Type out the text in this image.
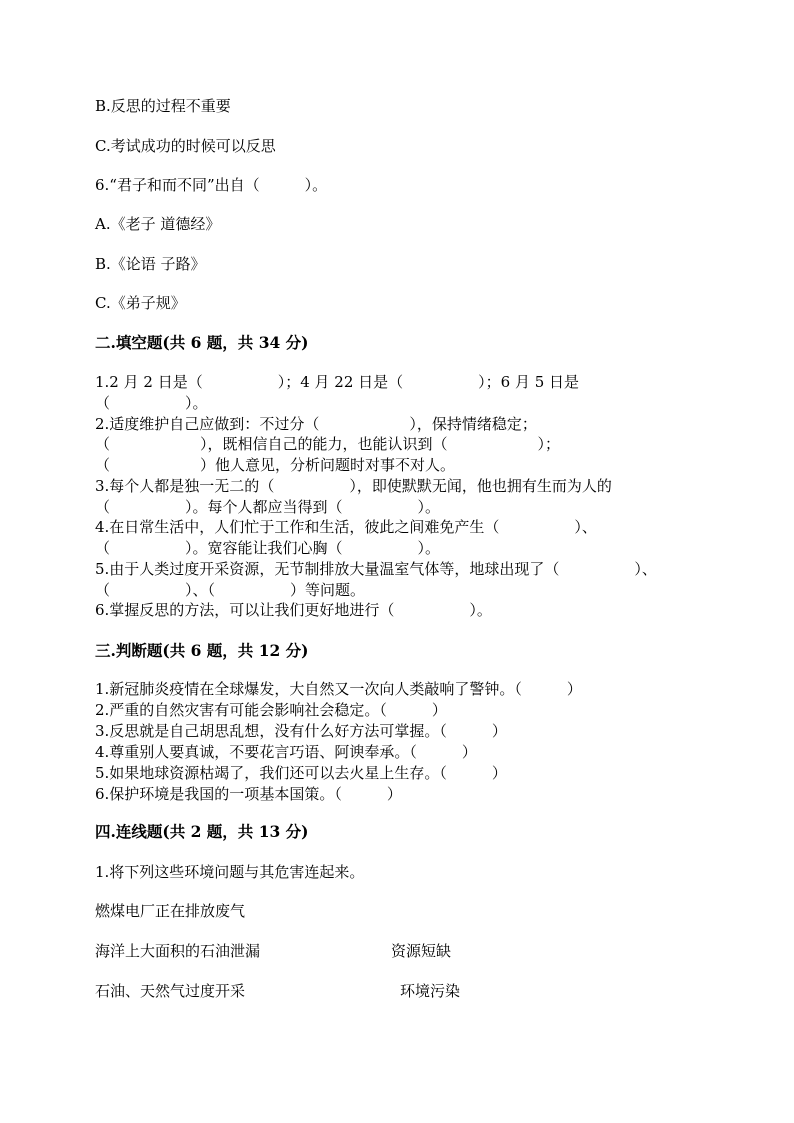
B.反思的过程不重要
C.考试成功的时候可以反思
6.“君子和而不同”出自（　　　）。
A.《老子 道德经》
B.《论语 子路》
C.《弟子规》
二.填空题(共 6 题，共 34 分)
1.2 月 2 日是（　　　　　）；4 月 22 日是（　　　　　）；6 月 5 日是
（　　　　　）。
2.适度维护自己应做到：不过分（　　　　　　），保持情绪稳定；
（　　　　　　），既相信自己的能力，也能认识到（　　　　　　）；
（　　　　　　）他人意见，分析问题时对事不对人。
3.每个人都是独一无二的（　　　　　），即使默默无闻，他也拥有生而为人的
（　　　　　）。每个人都应当得到（　　　　　）。
4.在日常生活中，人们忙于工作和生活，彼此之间难免产生（　　　　　）、
（　　　　　）。宽容能让我们心胸（　　　　　）。
5.由于人类过度开采资源，无节制排放大量温室气体等，地球出现了（　　　　　）、
（　　　　　）、（　　　　　）等问题。
6.掌握反思的方法，可以让我们更好地进行（　　　　　）。
三.判断题(共 6 题，共 12 分)
1.新冠肺炎疫情在全球爆发，大自然又一次向人类敲响了警钟。（　　　）
2.严重的自然灾害有可能会影响社会稳定。（　　　）
3.反思就是自己胡思乱想，没有什么好方法可掌握。（　　　）
4.尊重别人要真诚，不要花言巧语、阿谀奉承。（　　　）
5.如果地球资源枯竭了，我们还可以去火星上生存。（　　　）
6.保护环境是我国的一项基本国策。（　　　）
四.连线题(共 2 题，共 13 分)
1.将下列这些环境问题与其危害连起来。
燃煤电厂正在排放废气
海洋上大面积的石油泄漏	资源短缺
石油、天然气过度开采	环境污染
